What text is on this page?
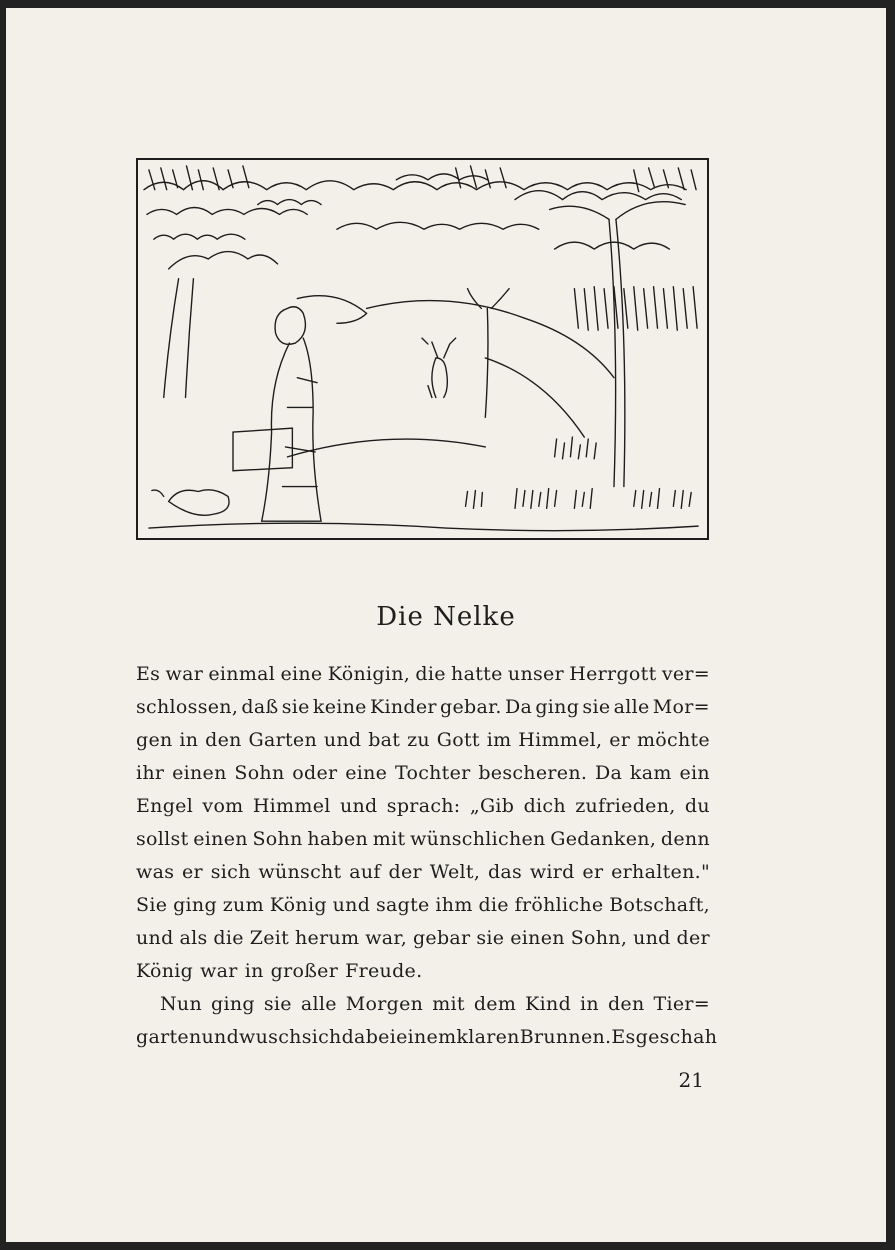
Die Nelke
Es war einmal eine Königin, die hatte unser Herrgott ver=
schlossen, daß sie keine Kinder gebar. Da ging sie alle Mor=
gen in den Garten und bat zu Gott im Himmel, er möchte
ihr einen Sohn oder eine Tochter bescheren. Da kam ein
Engel vom Himmel und sprach: „Gib dich zufrieden, du
sollst einen Sohn haben mit wünschlichen Gedanken, denn
was er sich wünscht auf der Welt, das wird er erhalten."
Sie ging zum König und sagte ihm die fröhliche Botschaft,
und als die Zeit herum war, gebar sie einen Sohn, und der
König war in großer Freude.
Nun ging sie alle Morgen mit dem Kind in den Tier=
garten und wusch sich da bei einem klaren Brunnen. Es geschah
21
